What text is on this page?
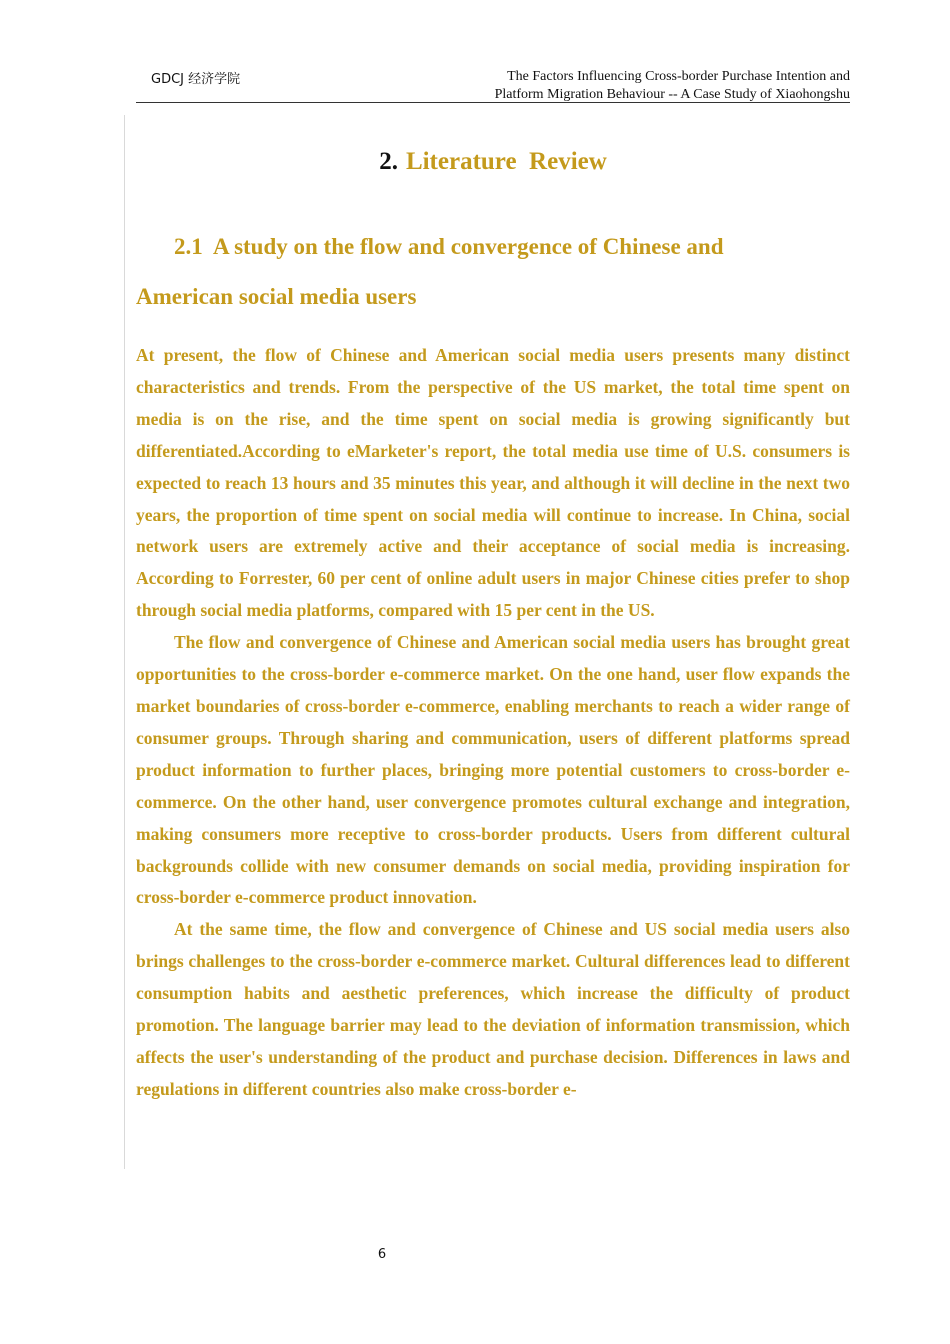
GDCJ 经济学院	The Factors Influencing Cross-border Purchase Intention and
Platform Migration Behaviour -- A Case Study of Xiaohongshu
2. Literature  Review
2.1  A study on the flow and convergence of Chinese and
American social media users

At present, the flow of Chinese and American social media users presents many distinct characteristics and trends. From the perspective of the US market, the total time spent on media is on the rise, and the time spent on social media is growing significantly but differentiated.According to eMarketer's report, the total media use time of U.S. consumers is expected to reach 13 hours and 35 minutes this year, and although it will decline in the next two years, the proportion of time spent on social media will continue to increase. In China, social network users are extremely active and their acceptance of social media is increasing. According to Forrester, 60 per cent of online adult users in major Chinese cities prefer to shop through social media platforms, compared with 15 per cent in the US.

The flow and convergence of Chinese and American social media users has brought great opportunities to the cross-border e-commerce market. On the one hand, user flow expands the market boundaries of cross-border e-commerce, enabling merchants to reach a wider range of consumer groups. Through sharing and communication, users of different platforms spread product information to further places, bringing more potential customers to cross-border e-commerce. On the other hand, user convergence promotes cultural exchange and integration, making consumers more receptive to cross-border products. Users from different cultural backgrounds collide with new consumer demands on social media, providing inspiration for cross-border e-commerce product innovation.

At the same time, the flow and convergence of Chinese and US social media users also brings challenges to the cross-border e-commerce market. Cultural differences lead to different consumption habits and aesthetic preferences, which increase the difficulty of product promotion. The language barrier may lead to the deviation of information transmission, which affects the user's understanding of the product and purchase decision. Differences in laws and regulations in different countries also make cross-border e-

6
